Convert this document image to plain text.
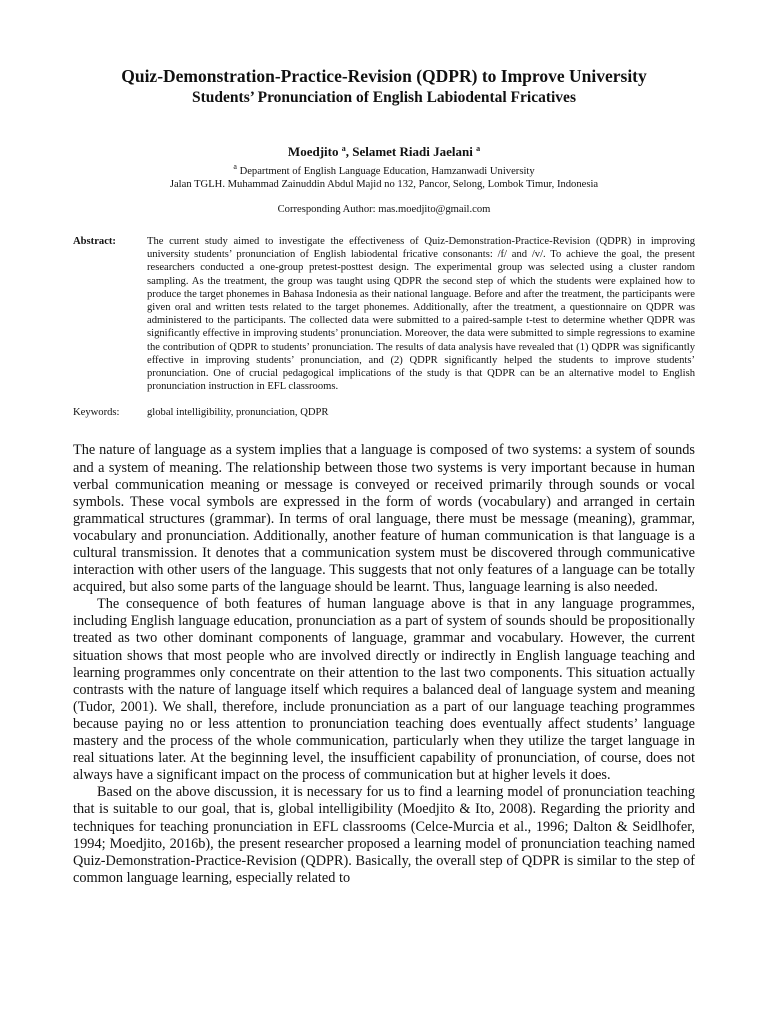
Quiz-Demonstration-Practice-Revision (QDPR) to Improve University
Students’ Pronunciation of English Labiodental Fricatives
Moedjito $^a$, Selamet Riadi Jaelani $^a$
$^a$ Department of English Language Education, Hamzanwadi University
Jalan TGLH. Muhammad Zainuddin Abdul Majid no 132, Pancor, Selong, Lombok Timur, Indonesia
Corresponding Author: mas.moedjito@gmail.com
Abstract:	The current study aimed to investigate the effectiveness of Quiz-Demonstration-Practice-Revision (QDPR) in improving university students’ pronunciation of English labiodental fricative consonants: /f/ and /v/. To achieve the goal, the present researchers conducted a one-group pretest-posttest design. The experimental group was selected using a cluster random sampling. As the treatment, the group was taught using QDPR the second step of which the students were explained how to produce the target phonemes in Bahasa Indonesia as their national language. Before and after the treatment, the participants were given oral and written tests related to the target phonemes. Additionally, after the treatment, a questionnaire on QDPR was administered to the participants. The collected data were submitted to a paired-sample t-test to determine whether QDPR was significantly effective in improving students’ pronunciation. Moreover, the data were submitted to simple regressions to examine the contribution of QDPR to students’ pronunciation. The results of data analysis have revealed that (1) QDPR was significantly effective in improving students’ pronunciation, and (2) QDPR significantly helped the students to improve students’ pronunciation. One of crucial pedagogical implications of the study is that QDPR can be an alternative model to English pronunciation instruction in EFL classrooms.
Keywords:	global intelligibility, pronunciation, QDPR

The nature of language as a system implies that a language is composed of two systems: a system of sounds and a system of meaning. The relationship between those two systems is very important because in human verbal communication meaning or message is conveyed or received primarily through sounds or vocal symbols. These vocal symbols are expressed in the form of words (vocabulary) and arranged in certain grammatical structures (grammar). In terms of oral language, there must be message (meaning), grammar, vocabulary and pronunciation. Additionally, another feature of human communication is that language is a cultural transmission. It denotes that a communication system must be discovered through communicative interaction with other users of the language. This suggests that not only features of a language can be totally acquired, but also some parts of the language should be learnt. Thus, language learning is also needed.

The consequence of both features of human language above is that in any language programmes, including English language education, pronunciation as a part of system of sounds should be propositionally treated as two other dominant components of language, grammar and vocabulary. However, the current situation shows that most people who are involved directly or indirectly in English language teaching and learning programmes only concentrate on their attention to the last two components. This situation actually contrasts with the nature of language itself which requires a balanced deal of language system and meaning (Tudor, 2001). We shall, therefore, include pronunciation as a part of our language teaching programmes because paying no or less attention to pronunciation teaching does eventually affect students’ language mastery and the process of the whole communication, particularly when they utilize the target language in real situations later. At the beginning level, the insufficient capability of pronunciation, of course, does not always have a significant impact on the process of communication but at higher levels it does.

Based on the above discussion, it is necessary for us to find a learning model of pronunciation teaching that is suitable to our goal, that is, global intelligibility (Moedjito & Ito, 2008). Regarding the priority and techniques for teaching pronunciation in EFL classrooms (Celce-Murcia et al., 1996; Dalton & Seidlhofer, 1994; Moedjito, 2016b), the present researcher proposed a learning model of pronunciation teaching named Quiz-Demonstration-Practice-Revision (QDPR). Basically, the overall step of QDPR is similar to the step of common language learning, especially related to
